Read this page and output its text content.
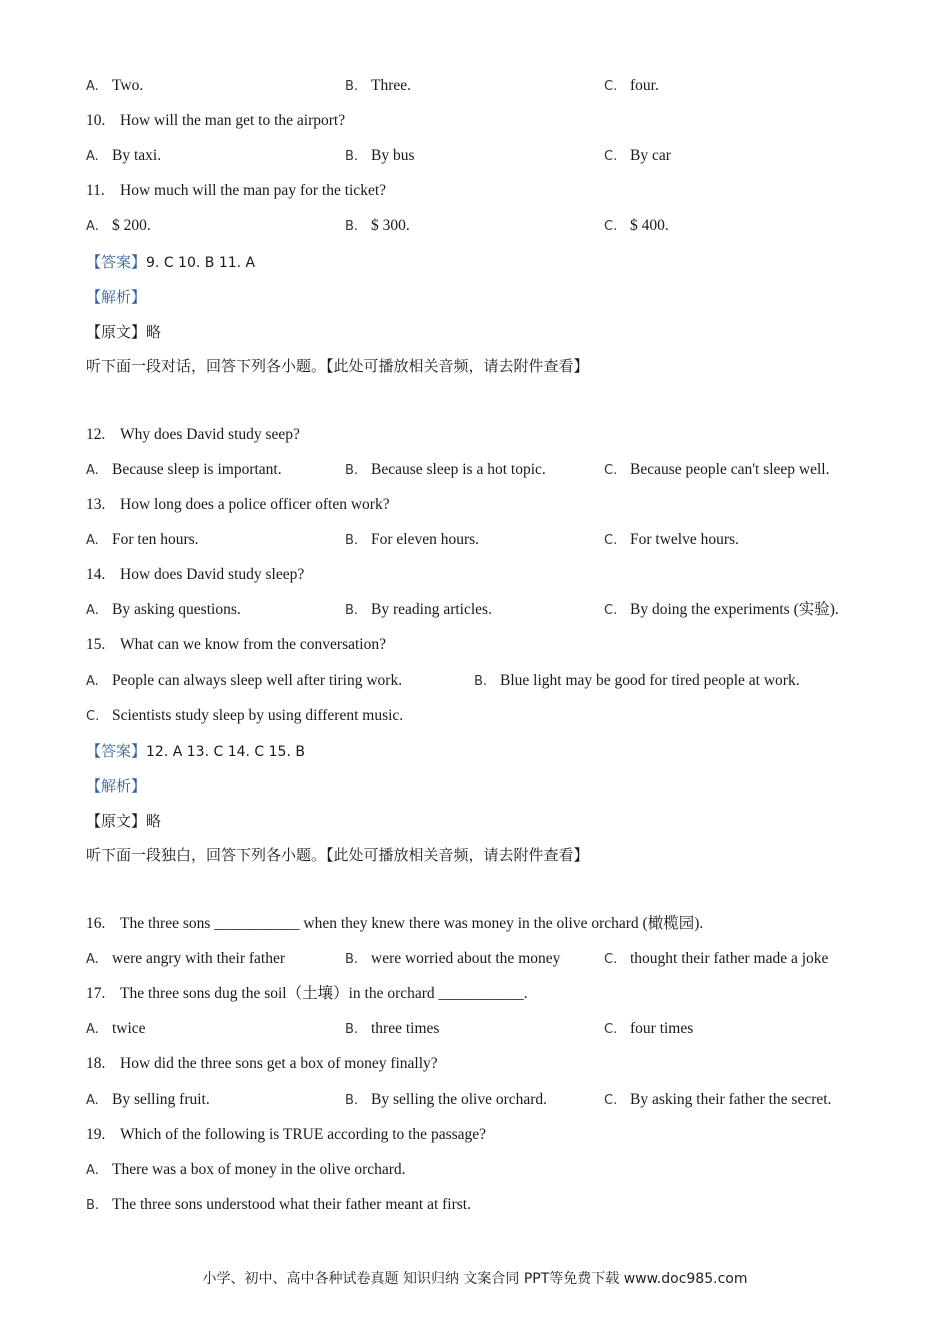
A. Two.	B. Three.	C. four.
10. How will the man get to the airport?
A. By taxi.	B. By bus	C. By car
11. How much will the man pay for the ticket?
A. $ 200.	B. $ 300.	C. $ 400.
【答案】9. C 10. B 11. A
【解析】
【原文】略
听下面一段对话，回答下列各小题。【此处可播放相关音频，请去附件查看】
12. Why does David study seep?
A. Because sleep is important.	B. Because sleep is a hot topic.	C. Because people can't sleep well.
13. How long does a police officer often work?
A. For ten hours.	B. For eleven hours.	C. For twelve hours.
14. How does David study sleep?
A. By asking questions.	B. By reading articles.	C. By doing the experiments (实验).
15. What can we know from the conversation?
A. People can always sleep well after tiring work.	B. Blue light may be good for tired people at work.
C. Scientists study sleep by using different music.
【答案】12. A 13. C 14. C 15. B
【解析】
【原文】略
听下面一段独白，回答下列各小题。【此处可播放相关音频，请去附件查看】
16. The three sons ___________ when they knew there was money in the olive orchard (橄榄园).
A. were angry with their father	B. were worried about the money	C. thought their father made a joke
17. The three sons dug the soil（土壤）in the orchard ___________.
A. twice	B. three times	C. four times
18. How did the three sons get a box of money finally?
A. By selling fruit.	B. By selling the olive orchard.	C. By asking their father the secret.
19. Which of the following is TRUE according to the passage?
A. There was a box of money in the olive orchard.
B. The three sons understood what their father meant at first.
小学、初中、高中各种试卷真题 知识归纳 文案合同 PPT等免费下载 www.doc985.com
